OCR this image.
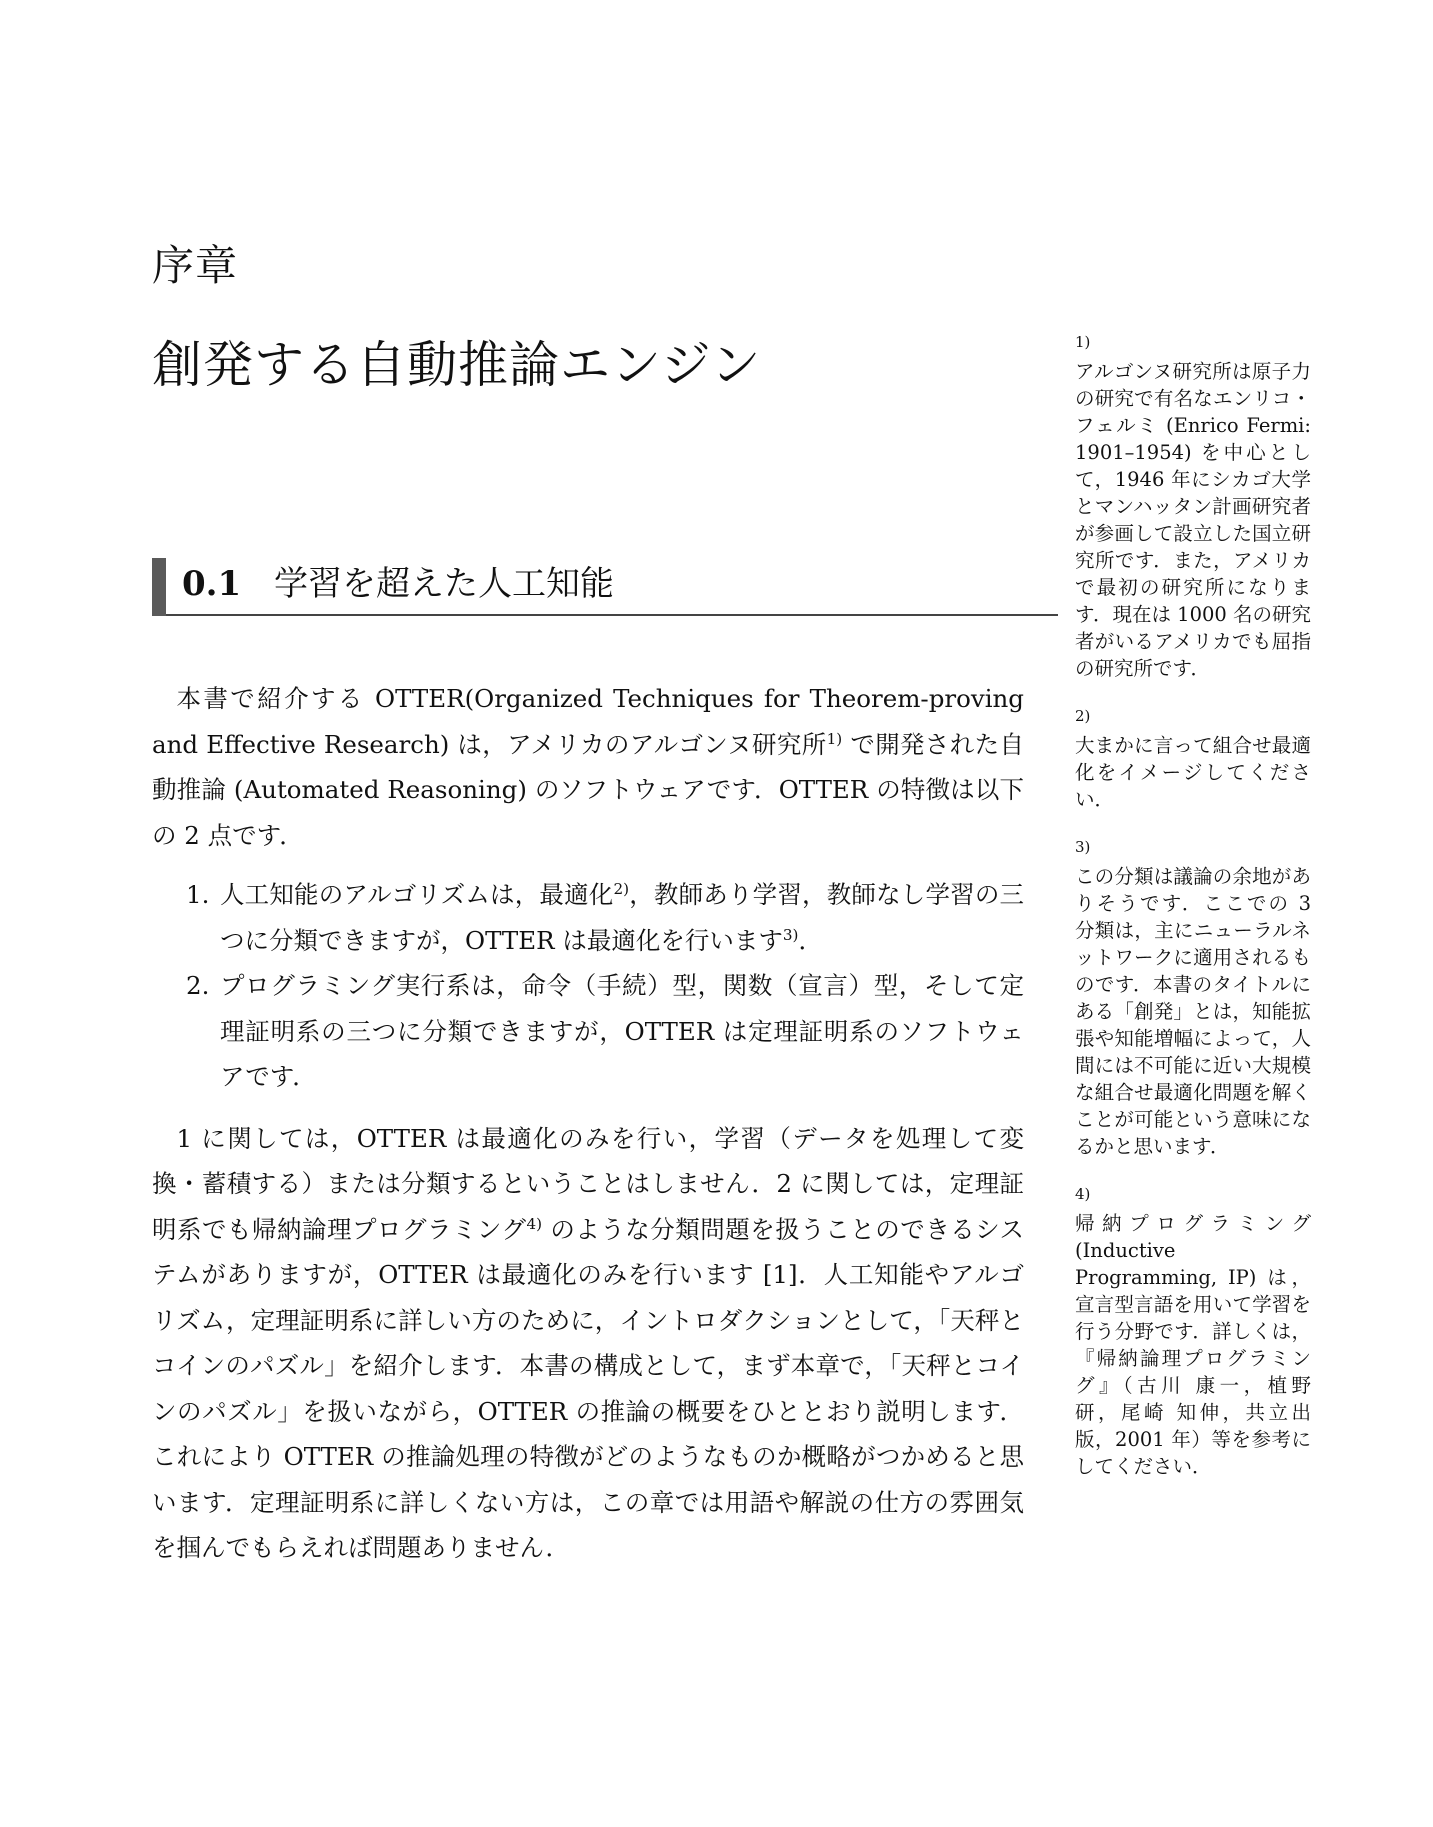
序章
創発する自動推論エンジン
0.1 学習を超えた人工知能

本書で紹介する OTTER(Organized Techniques for Theorem-proving and Effective Research) は，アメリカのアルゴンヌ研究所$^{1)}$ で開発された自動推論 (Automated Reasoning) のソフトウェアです．OTTER の特徴は以下の 2 点です．

1. 人工知能のアルゴリズムは，最適化$^{2)}$，教師あり学習，教師なし学習の三つに分類できますが，OTTER は最適化を行います$^{3)}$．
2. プログラミング実行系は，命令（手続）型，関数（宣言）型，そして定理証明系の三つに分類できますが，OTTER は定理証明系のソフトウェアです．

1 に関しては，OTTER は最適化のみを行い，学習（データを処理して変換・蓄積する）または分類するということはしません．2 に関しては，定理証明系でも帰納論理プログラミング$^{4)}$ のような分類問題を扱うことのできるシステムがありますが，OTTER は最適化のみを行います [1]．人工知能やアルゴリズム，定理証明系に詳しい方のために，イントロダクションとして，「天秤とコインのパズル」を紹介します．本書の構成として，まず本章で，「天秤とコインのパズル」を扱いながら，OTTER の推論の概要をひととおり説明します．これにより OTTER の推論処理の特徴がどのようなものか概略がつかめると思います．定理証明系に詳しくない方は，この章では用語や解説の仕方の雰囲気を掴んでもらえれば問題ありません．

1)

アルゴンヌ研究所は原子力の研究で有名なエンリコ・フェルミ (Enrico Fermi: 1901–1954) を中心として，1946 年にシカゴ大学とマンハッタン計画研究者が参画して設立した国立研究所です．また，アメリカで最初の研究所になります．現在は 1000 名の研究者がいるアメリカでも屈指の研究所です．

2)

大まかに言って組合せ最適化をイメージしてください．

3)

この分類は議論の余地がありそうです．ここでの 3 分類は，主にニューラルネットワークに適用されるものです．本書のタイトルにある「創発」とは，知能拡張や知能増幅によって，人間には不可能に近い大規模な組合せ最適化問題を解くことが可能という意味になるかと思います．

4)

帰納プログラミング (Inductive Programming, IP) は，宣言型言語を用いて学習を行う分野です．詳しくは，『帰納論理プログラミング』（古川 康一，植野 研，尾崎 知伸，共立出版，2001 年）等を参考にしてください．
